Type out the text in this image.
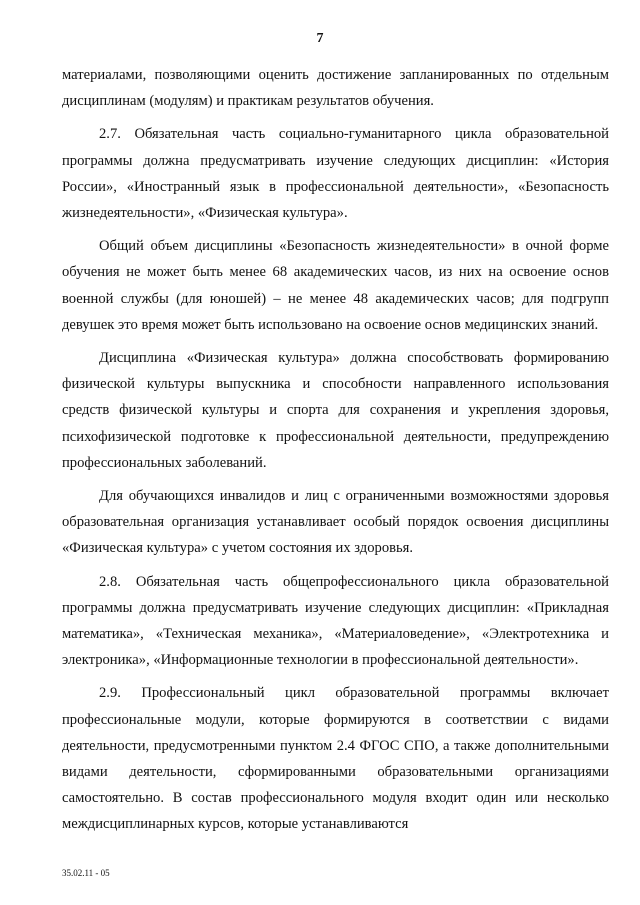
7

материалами, позволяющими оценить достижение запланированных по отдельным дисциплинам (модулям) и практикам результатов обучения.

2.7. Обязательная часть социально-гуманитарного цикла образовательной программы должна предусматривать изучение следующих дисциплин: «История России», «Иностранный язык в профессиональной деятельности», «Безопасность жизнедеятельности», «Физическая культура».

Общий объем дисциплины «Безопасность жизнедеятельности» в очной форме обучения не может быть менее 68 академических часов, из них на освоение основ военной службы (для юношей) – не менее 48 академических часов; для подгрупп девушек это время может быть использовано на освоение основ медицинских знаний.

Дисциплина «Физическая культура» должна способствовать формированию физической культуры выпускника и способности направленного использования средств физической культуры и спорта для сохранения и укрепления здоровья, психофизической подготовке к профессиональной деятельности, предупреждению профессиональных заболеваний.

Для обучающихся инвалидов и лиц с ограниченными возможностями здоровья образовательная организация устанавливает особый порядок освоения дисциплины «Физическая культура» с учетом состояния их здоровья.

2.8. Обязательная часть общепрофессионального цикла образовательной программы должна предусматривать изучение следующих дисциплин: «Прикладная математика», «Техническая механика», «Материаловедение», «Электротехника и электроника», «Информационные технологии в профессиональной деятельности».

2.9. Профессиональный цикл образовательной программы включает профессиональные модули, которые формируются в соответствии с видами деятельности, предусмотренными пунктом 2.4 ФГОС СПО, а также дополнительными видами деятельности, сформированными образовательными организациями самостоятельно. В состав профессионального модуля входит один или несколько междисциплинарных курсов, которые устанавливаются

35.02.11 - 05
